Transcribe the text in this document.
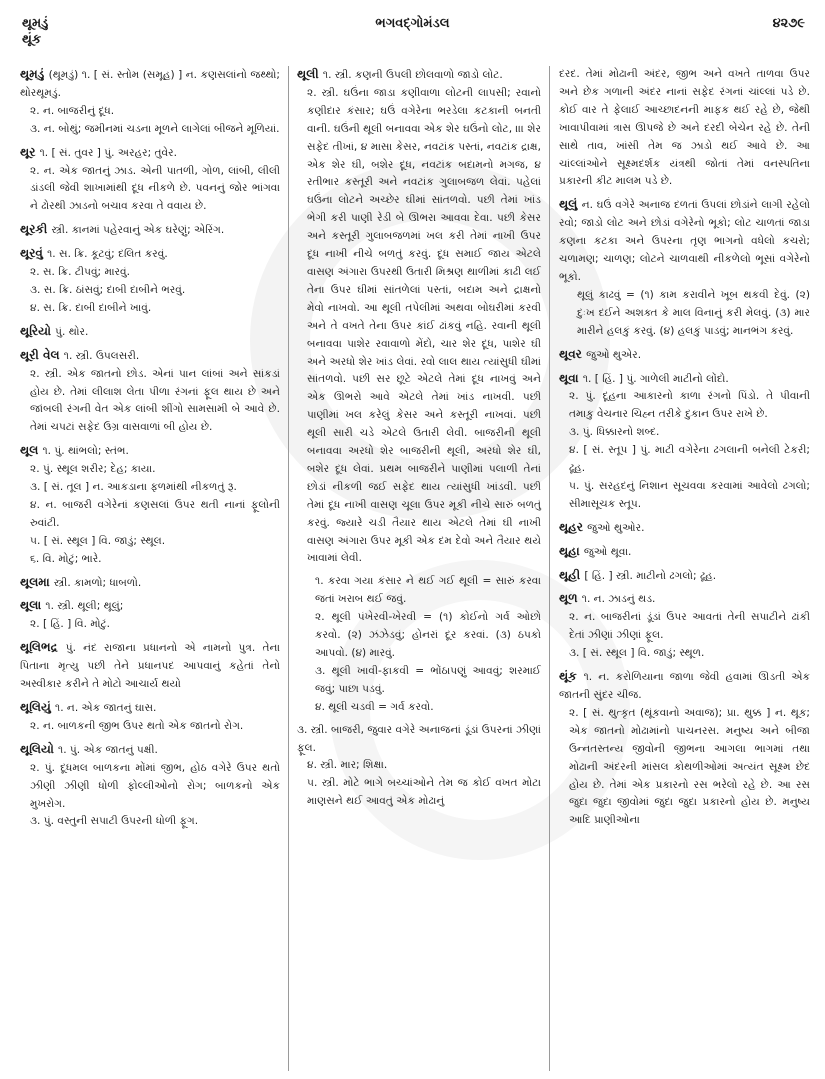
થૂમડું
થૂંક
ભગવદ્ગોમંડલ	૪૨૭૯
થૂમડું (થૂમડું) ૧. [ સં. સ્તોમ (સમૂહ) ] ન. કણસલાંનો જથ્થો; થોરથૂમડું.
૨. ન. બાજરીનું દૂધ.
૩. ન. બોથું; જમીનમાં ચડના મૂળને લાગેલાં બીજને મૂળિયાં.
થૂર ૧. [ સં. તુવર ] પું. અરહર; તુવેર.
૨. ન. એક જાતનું ઝાડ. એની પાતળી, ગોળ, લાંબી, લીલી ડાંડલી જેવી શાખામાંથી દૂધ નીકળે છે. પવનનું જોર ભાંગવા ને ઢોરથી ઝાડનો બચાવ કરવા તે વવાય છે.
થૂરકી સ્ત્રી. કાનમાં પહેરવાનું એક ઘરેણું; એરિંગ.
થૂરવું ૧. સ. ક્રિ. કૂટવું; દલિત કરવું.
૨. સ. ક્રિ. ટીપવું; મારવું.
૩. સ. ક્રિ. ઠાંસવું; દાબી દાબીને ભરવું.
૪. સ. ક્રિ. દાબી દાબીને ખાવું.
થૂરિયો પું. થોર.
થૂરી વેલ ૧. સ્ત્રી. ઉપલસરી.
૨. સ્ત્રી. એક જાતનો છોડ. એનાં પાન લાંબાં અને સાંકડાં હોય છે. તેમાં લીલાશ લેતા પીળા રંગનાં ફૂલ થાય છે અને જાંબલી રંગની વેત એક લાંબી શીંગો સામસામી બે આવે છે. તેમાં ચપટાં સફેદ ઉગ્ર વાસવાળાં બી હોય છે.
થૂલ ૧. પું. થાંભલો; સ્તંભ.
૨. પું. સ્થૂલ શરીર; દેહ; કાયા.
૩. [ સં. તૂલ ] ન. આકડાના ફળમાંથી નીકળતું રૂ.
૪. ન. બાજરી વગેરેનાં કણસલાં ઉપર થતી નાનાં ફૂલોની રુવાંટી.
૫. [ સં. સ્થૂલ ] વિ. જાડું; સ્થૂલ.
૬. વિ. મોટું; ભારે.
થૂલમા સ્ત્રી. કામળો; ધાબળો.
થૂલા ૧. સ્ત્રી. થૂલી; થૂલું;
૨. [ હિં. ] વિ. મોટું.
થૂલિભદ્ર પું. નંદ રાજાના પ્રધાનનો એ નામનો પુત્ર. તેના પિતાના મૃત્યુ પછી તેને પ્રધાનપદ આપવાનું કહેતાં તેનો અસ્વીકાર કરીને તે મોટો આચાર્ય થયો
થૂલિયું ૧. ન. એક જાતનું ઘાસ.
૨. ન. બાળકની જીભ ઉપર થતો એક જાતનો રોગ.
થૂલિયો ૧. પું. એક જાતનું પક્ષી.
૨. પું. દૂધમલ બાળકના મોંમાં જીભ, હોઠ વગેરે ઉપર થતો ઝીણી ઝીણી ધોળી ફોલ્લીઓનો રોગ; બાળકનો એક મુખરોગ.
૩. પું. વસ્તુની સપાટી ઉપરની ધોળી ફૂગ.
થૂલી ૧. સ્ત્રી. કણની ઉપલી છોલવાળો જાડો લોટ.
૨. સ્ત્રી. ઘઉંના જાડા કણીવાળા લોટની લાપસી; રવાનો કણીદાર કંસાર; ઘઉં વગેરેના ભરડેલા કટકાની બનતી વાની. ઘઉંની થૂલી બનાવવા એક શેર ઘઉંનો લોટ, ।।। શેર સફેદ તીખાં, ૪ માસા કેસર, નવટાંક પસ્તાં, નવટાંક દ્રાક્ષ, એક શેર ઘી, બશેર દૂધ, નવટાંક બદામનો મગજ, ૪ રતીભાર કસ્તૂરી અને નવટાંક ગુલાબજળ લેવાં. પહેલાં ઘઉંના લોટને અચ્છેર ઘીમાં સાંતળવો. પછી તેમાં ખાંડ ભેગી કરી પાણી રેડી બે ઊભરા આવવા દેવા. પછી કેસર અને કસ્તૂરી ગુલાબજળમાં ખલ કરી તેમાં નાખી ઉપર દૂધ નાખી નીચે બળતું કરવું. દૂધ સમાઈ જાય એટલે વાસણ અંગારા ઉપરથી ઉતારી મિશ્રણ થાળીમાં કાઢી લઈ તેના ઉપર ઘીમાં સાંતળેલાં પસ્તાં, બદામ અને દ્રાક્ષનો મેવો નાખવો. આ થૂલી તપેલીમાં અથવા બોઘરીમાં કરવી અને તે વખતે તેના ઉપર કાંઈ ઢાંકવું નહિ. રવાની થૂલી બનાવવા પાશેર રવાવાળો મેંદો, ચાર શેર દૂધ, પાશેર ઘી અને અરધો શેર ખાંડ લેવાં. રવો લાલ થાય ત્યાંસુધી ઘીમાં સાંતળવો. પછી સર છૂટે એટલે તેમાં દૂધ નાખવું અને એક ઊભરો આવે એટલે તેમાં ખાંડ નાખવી. પછી પાણીમાં ખલ કરેલું કેસર અને કસ્તૂરી નાખવાં. પછી થૂલી સારી ચડે એટલે ઉતારી લેવી. બાજરીની થૂલી બનાવવા અરધો શેર બાજરીની થૂલી, અરધો શેર ઘી, બશેર દૂધ લેવાં. પ્રથમ બાજરીને પાણીમાં પલાળી તેનાં છોડાં નીકળી જઈ સફેદ થાય ત્યાંસુધી ખાંડવી. પછી તેમાં દૂધ નાખી વાસણ ચૂલા ઉપર મૂકી નીચે સારું બળતું કરવું. જ્યારે ચડી તૈયાર થાય એટલે તેમાં ઘી નાખી વાસણ અંગારા ઉપર મૂકી એક દમ દેવો અને તૈયાર થયે ખાવામાં લેવી.
૧. કરવા ગયા કંસાર ને થઈ ગઈ થૂલી = સારું કરવા જતાં ખરાબ થઈ જવું.
૨. થૂલી પંખેરવી-ખેરવી = (૧) કોઈનો ગર્વ ઓછો કરવો. (૨) ઝંઝેડવું; હોનરાં દૂર કરવાં. (૩) ઠપકો આપવો. (૪) મારવું.
૩. થૂલી ખાવી-ફાકવી = ભોંઠાપણું આવવું; શરમાઈ જવું; પાછા પડવું.
૪. થૂલી ચડવી = ગર્વ કરવો.
૩. સ્ત્રી. બાજરી, જુવાર વગેરે અનાજનાં ડૂંડાં ઉપરનાં ઝીણાં ફૂલ.
૪. સ્ત્રી. માર; શિક્ષા.
૫. સ્ત્રી. મોટે ભાગે બચ્ચાંઓને તેમ જ કોઈ વખત મોટા માણસને થઈ આવતું એક મોઢાનું
દરદ. તેમાં મોઢાની અંદર, જીભ અને વખતે તાળવા ઉપર અને છેક ગળાની અંદર નાનાં સફેદ રંગનાં ચાંલ્લાં પડે છે. કોઈ વાર તે ફેલાઈ આચ્છાદનની માફક થઈ રહે છે, જેથી ખાવાપીવામાં ત્રાસ ઊપજે છે અને દરદી બેચેન રહે છે. તેની સાથે તાવ, ખાંસી તેમ જ ઝાડો થઈ આવે છે. આ ચાંલ્લાંઓને સૂક્ષ્મદર્શક યંત્રથી જોતાં તેમાં વનસ્પતિના પ્રકારની કીટ માલમ પડે છે.
થૂલું ન. ઘઉં વગેરે અનાજ દળતાં ઉપલાં છોડાંને લાગી રહેલો રવો; જાડો લોટ અને છોડાં વગેરેનો ભૂકો; લોટ ચાળતાં જાડા કણના કટકા અને ઉપરના તૃણ ભાગનો વધેલો કચરો; ચળામણ; ચાળણ; લોટને ચાળવાથી નીકળેલો ભૂસાં વગેરેનો ભૂકો.
થૂલું કાઢવું = (૧) કામ કરાવીને ખૂબ થકવી દેવું. (૨) દુઃખ દઈને અશક્ત કે માલ વિનાનું કરી મેલવું. (૩) માર મારીને હલકું કરવું. (૪) હલકું પાડવું; માનભંગ કરવું.
થૂવર જુઓ થુએર.
થૂવા ૧. [ હિં. ] પું. ગાળેલી માટીનો લોંદો.
૨. પું. દૂહના આકારનો કાળા રંગનો પિંડો. તે પીવાની તમાકુ વેચનાર ચિહ્ન તરીકે દુકાન ઉપર રાખે છે.
૩. પું. ધિક્કારનો શબ્દ.
૪. [ સં. સ્તૂપ ] પું. માટી વગેરેના ઢગલાની બનેલી ટેકરી; ઢૂહ.
૫. પું. સરહદનું નિશાન સૂચવવા કરવામાં આવેલો ઢગલો; સીમાસૂચક સ્તૂપ.
થૂહર જુઓ થુઓર.
થૂહા જુઓ થૂવા.
થૂહી [ હિં. ] સ્ત્રી. માટીનો ઢગલો; ઢૂહ.
થૂળ ૧. ન. ઝાડનું થડ.
૨. ન. બાજરીનાં ડૂંડાં ઉપર આવતાં તેની સપાટીને ઢાંકી દેતાં ઝીણાં ઝીણાં ફૂલ.
૩. [ સં. સ્થૂલ ] વિ. જાડું; સ્થૂળ.
થૂંક ૧. ન. કરોળિયાના જાળા જેવી હવામાં ઊડતી એક જાતની સુંદર ચીજ.
૨. [ સં. થુત્કૃત (થૂંકવાનો અવાજ); પ્રા. થુક્ક ] ન. થૂક; એક જાતનો મોઢામાંનો પાચનરસ. મનુષ્ય અને બીજા ઉન્નતસ્તન્ય જીવોની જીભના આગલા ભાગમાં તથા મોઢાની અંદરની માંસલ કોથળીઓમાં અત્યંત સૂક્ષ્મ છેદ હોય છે. તેમાં એક પ્રકારનો રસ ભરેલો રહે છે. આ રસ જુદા જુદા જીવોમાં જુદા જુદા પ્રકારનો હોય છે. મનુષ્ય આદિ પ્રાણીઓના
